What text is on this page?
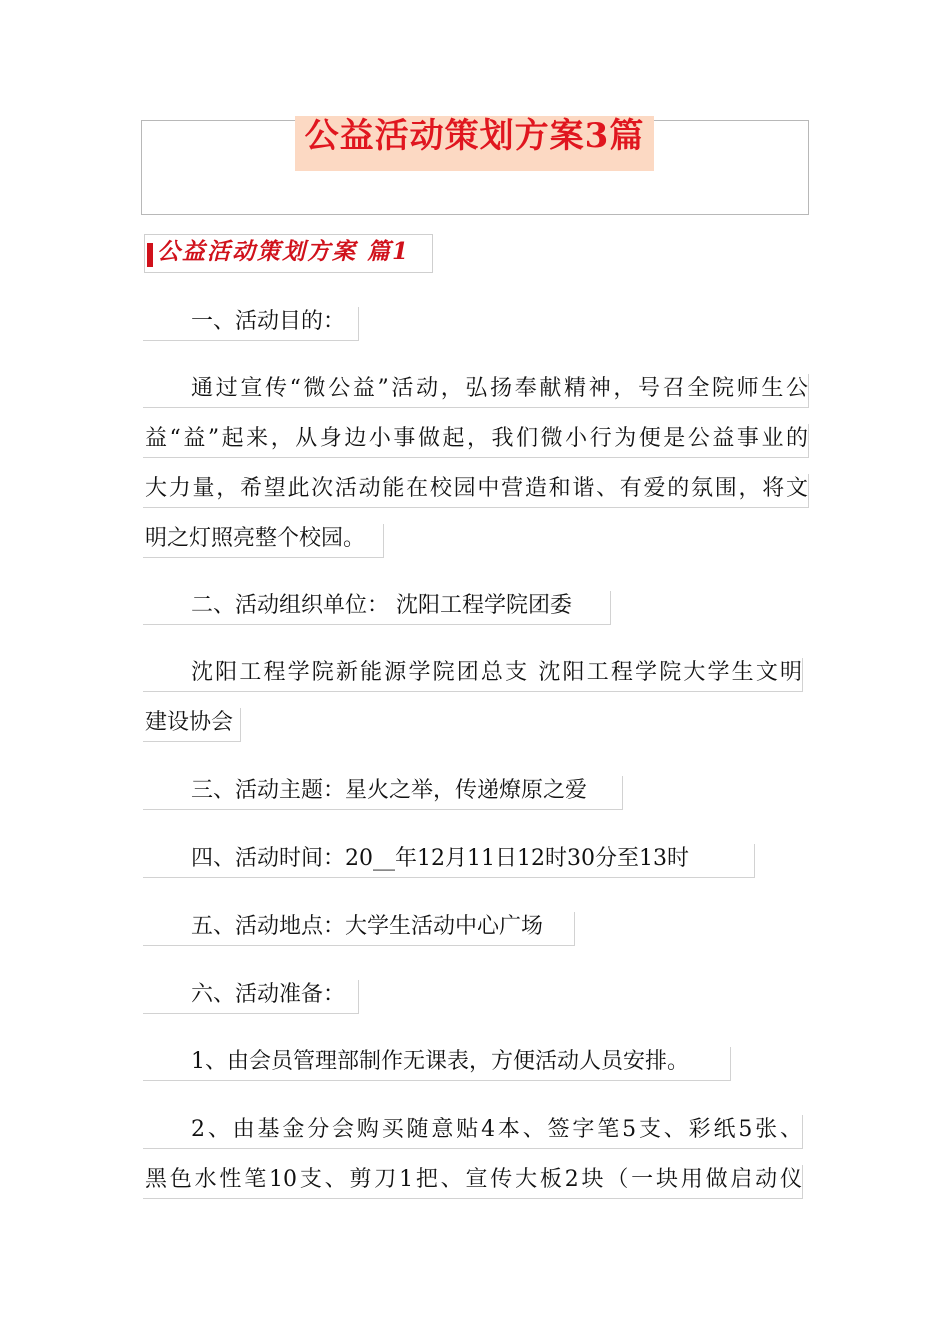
公益活动策划方案3篇
公益活动策划方案 篇1
一、活动目的：
通过宣传“微公益”活动，弘扬奉献精神，号召全院师生公
益“益”起来，从身边小事做起，我们微小行为便是公益事业的
大力量，希望此次活动能在校园中营造和谐、有爱的氛围，将文
明之灯照亮整个校园。
二、活动组织单位： 沈阳工程学院团委
沈阳工程学院新能源学院团总支 沈阳工程学院大学生文明
建设协会
三、活动主题：星火之举，传递燎原之爱
四、活动时间：20__年12月11日12时30分至13时
五、活动地点：大学生活动中心广场
六、活动准备：
1、由会员管理部制作无课表，方便活动人员安排。
2、由基金分会购买随意贴4本、签字笔5支、彩纸5张、
黑色水性笔10支、剪刀1把、宣传大板2块（一块用做启动仪
